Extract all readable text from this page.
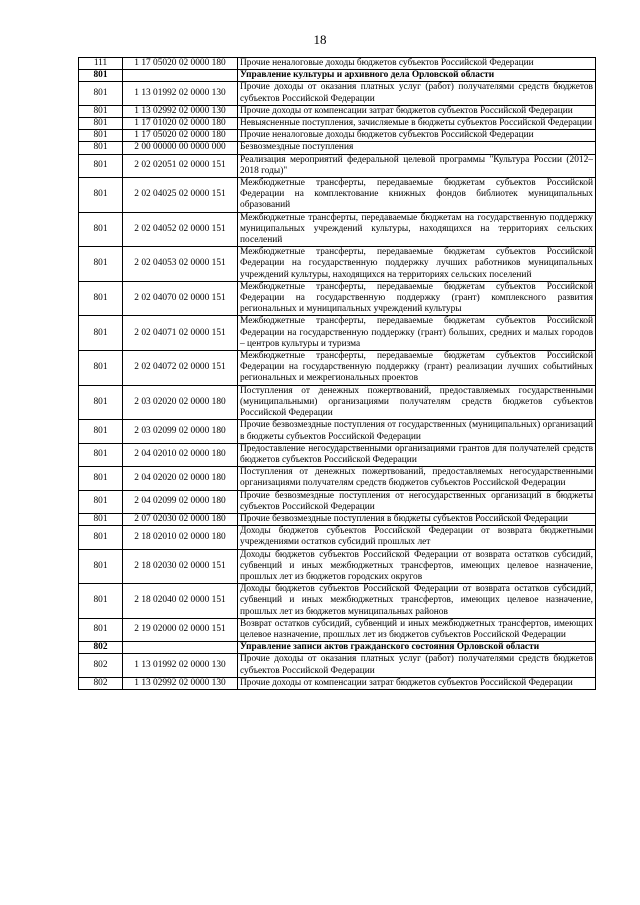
18
111	1 17 05020 02 0000 180	Прочие неналоговые доходы бюджетов субъектов Российской Федерации
801		Управление культуры и архивного дела Орловской области
801	1 13 01992 02 0000 130	Прочие доходы от оказания платных услуг (работ) получателями средств бюджетов субъектов Российской Федерации
801	1 13 02992 02 0000 130	Прочие доходы от компенсации затрат бюджетов субъектов Российской Федерации
801	1 17 01020 02 0000 180	Невыясненные поступления, зачисляемые в бюджеты субъектов Российской Федерации
801	1 17 05020 02 0000 180	Прочие неналоговые доходы бюджетов субъектов Российской Федерации
801	2 00 00000 00 0000 000	Безвозмездные поступления
801	2 02 02051 02 0000 151	Реализация мероприятий федеральной целевой программы "Культура России (2012–2018 годы)"
801	2 02 04025 02 0000 151	Межбюджетные трансферты, передаваемые бюджетам субъектов Российской Федерации на комплектование книжных фондов библиотек муниципальных образований
801	2 02 04052 02 0000 151	Межбюджетные трансферты, передаваемые бюджетам на государственную поддержку муниципальных учреждений культуры, находящихся на территориях сельских поселений
801	2 02 04053 02 0000 151	Межбюджетные трансферты, передаваемые бюджетам субъектов Российской Федерации на государственную поддержку лучших работников муниципальных учреждений культуры, находящихся на территориях сельских поселений
801	2 02 04070 02 0000 151	Межбюджетные трансферты, передаваемые бюджетам субъектов Российской Федерации на государственную поддержку (грант) комплексного развития региональных и муниципальных учреждений культуры
801	2 02 04071 02 0000 151	Межбюджетные трансферты, передаваемые бюджетам субъектов Российской Федерации на государственную поддержку (грант) больших, средних и малых городов – центров культуры и туризма
801	2 02 04072 02 0000 151	Межбюджетные трансферты, передаваемые бюджетам субъектов Российской Федерации на государственную поддержку (грант) реализации лучших событийных региональных и межрегиональных проектов
801	2 03 02020 02 0000 180	Поступления от денежных пожертвований, предоставляемых государственными (муниципальными) организациями получателям средств бюджетов субъектов Российской Федерации
801	2 03 02099 02 0000 180	Прочие безвозмездные поступления от государственных (муниципальных) организаций в бюджеты субъектов Российской Федерации
801	2 04 02010 02 0000 180	Предоставление негосударственными организациями грантов для получателей средств бюджетов субъектов Российской Федерации
801	2 04 02020 02 0000 180	Поступления от денежных пожертвований, предоставляемых негосударственными организациями получателям средств бюджетов субъектов Российской Федерации
801	2 04 02099 02 0000 180	Прочие безвозмездные поступления от негосударственных организаций в бюджеты субъектов Российской Федерации
801	2 07 02030 02 0000 180	Прочие безвозмездные поступления в бюджеты субъектов Российской Федерации
801	2 18 02010 02 0000 180	Доходы бюджетов субъектов Российской Федерации от возврата бюджетными учреждениями остатков субсидий прошлых лет
801	2 18 02030 02 0000 151	Доходы бюджетов субъектов Российской Федерации от возврата остатков субсидий, субвенций и иных межбюджетных трансфертов, имеющих целевое назначение, прошлых лет из бюджетов городских округов
801	2 18 02040 02 0000 151	Доходы бюджетов субъектов Российской Федерации от возврата остатков субсидий, субвенций и иных межбюджетных трансфертов, имеющих целевое назначение, прошлых лет из бюджетов муниципальных районов
801	2 19 02000 02 0000 151	Возврат остатков субсидий, субвенций и иных межбюджетных трансфертов, имеющих целевое назначение, прошлых лет из бюджетов субъектов Российской Федерации
802		Управление записи актов гражданского состояния Орловской области
802	1 13 01992 02 0000 130	Прочие доходы от оказания платных услуг (работ) получателями средств бюджетов субъектов Российской Федерации
802	1 13 02992 02 0000 130	Прочие доходы от компенсации затрат бюджетов субъектов Российской Федерации
